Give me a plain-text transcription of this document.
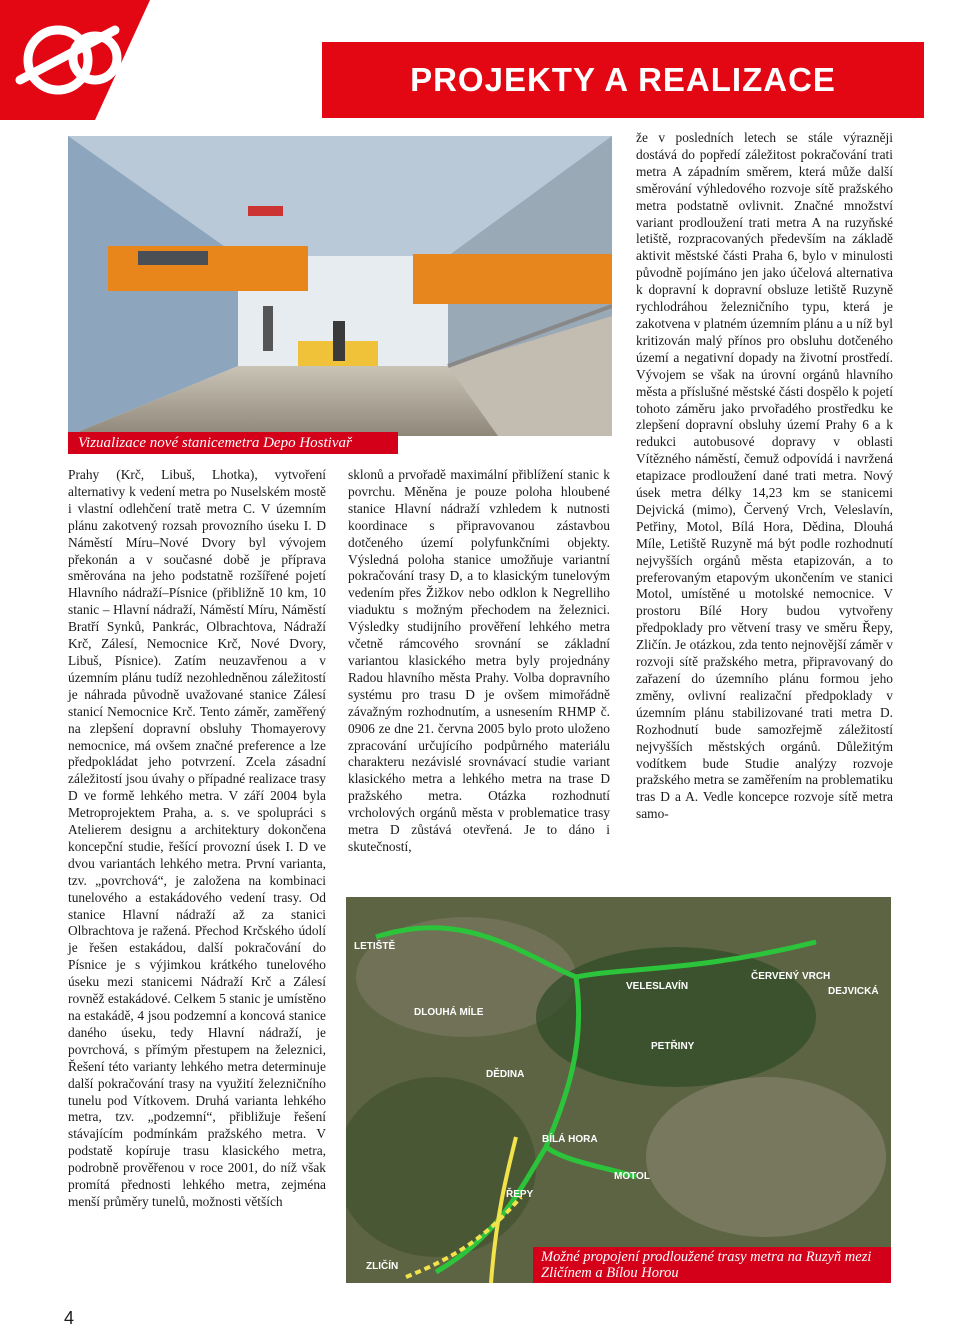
PROJEKTY A REALIZACE
Vizualizace nové stanicemetra Depo Hostivař

Prahy (Krč, Libuš, Lhotka), vytvoření alternativy k vedení metra po Nuselském mostě i vlastní odlehčení tratě metra C. V územním plánu zakotvený rozsah provozního úseku I. D Náměstí Míru–Nové Dvory byl vývojem překonán a v současné době je příprava směrována na jeho podstatně rozšířené pojetí Hlavního nádraží–Písnice (přibližně 10 km, 10 stanic – Hlavní nádraží, Náměstí Míru, Náměstí Bratří Synků, Pankrác, Olbrachtova, Nádraží Krč, Zálesí, Nemocnice Krč, Nové Dvory, Libuš, Písnice). Zatím neuzavřenou a v územním plánu tudíž nezohledněnou záležitostí je náhrada původně uvažované stanice Zálesí stanicí Nemocnice Krč. Tento záměr, zaměřený na zlepšení dopravní obsluhy Thomayerovy nemocnice, má ovšem značné preference a lze předpokládat jeho potvrzení. Zcela zásadní záležitostí jsou úvahy o případné realizace trasy D ve formě lehkého metra. V září 2004 byla Metroprojektem Praha, a. s. ve spolupráci s Atelierem designu a architektury dokončena koncepční studie, řešící provozní úsek I. D ve dvou variantách lehkého metra. První varianta, tzv. „povrchová“, je založena na kombinaci tunelového a estakádového vedení trasy. Od stanice Hlavní nádraží až za stanici Olbrachtova je ražená. Přechod Krčského údolí je řešen estakádou, další pokračování do Písnice je s výjimkou krátkého tunelového úseku mezi stanicemi Nádraží Krč a Zálesí rovněž estakádové. Celkem 5 stanic je umístěno na estakádě, 4 jsou podzemní a koncová stanice daného úseku, tedy Hlavní nádraží, je povrchová, s přímým přestupem na železnici, Řešení této varianty lehkého metra determinuje další pokračování trasy na využití železničního tunelu pod Vítkovem. Druhá varianta lehkého metra, tzv. „podzemní“, přibližuje řešení stávajícím podmínkám pražského metra. V podstatě kopíruje trasu klasického metra, podrobně prověřenou v roce 2001, do níž však promítá přednosti lehkého metra, zejména menší průměry tunelů, možnosti větších

sklonů a prvořadě maximální přiblížení stanic k povrchu. Měněna je pouze poloha hloubené stanice Hlavní nádraží vzhledem k nutnosti koordinace s připravovanou zástavbou dotčeného území polyfunkčními objekty. Výsledná poloha stanice umožňuje variantní pokračování trasy D, a to klasickým tunelovým vedením přes Žižkov nebo odklon k Negrelliho viaduktu s možným přechodem na železnici. Výsledky studijního prověření lehkého metra včetně rámcového srovnání se základní variantou klasického metra byly projednány Radou hlavního města Prahy. Volba dopravního systému pro trasu D je ovšem mimořádně závažným rozhodnutím, a usnesením RHMP č. 0906 ze dne 21. června 2005 bylo proto uloženo zpracování určujícího podpůrného materiálu charakteru nezávislé srovnávací studie variant klasického metra a lehkého metra na trase D pražského metra. Otázka rozhodnutí vrcholových orgánů města v problematice trasy metra D zůstává otevřená. Je to dáno i skutečností,

že v posledních letech se stále výrazněji dostává do popředí záležitost pokračování trati metra A západním směrem, která může další směrování výhledového rozvoje sítě pražského metra podstatně ovlivnit. Značné množství variant prodloužení trati metra A na ruzyňské letiště, rozpracovaných především na základě aktivit městské části Praha 6, bylo v minulosti původně pojímáno jen jako účelová alternativa k dopravní k dopravní obsluze letiště Ruzyně rychlodráhou železničního typu, která je zakotvena v platném územním plánu a u níž byl kritizován malý přínos pro obsluhu dotčeného území a negativní dopady na životní prostředí. Vývojem se však na úrovní orgánů hlavního města a příslušné městské části dospělo k pojetí tohoto záměru jako prvořadého prostředku ke zlepšení dopravní obsluhy území Prahy 6 a k redukci autobusové dopravy v oblasti Vítězného náměstí, čemuž odpovídá i navržená etapizace prodloužení dané trati metra. Nový úsek metra délky 14,23 km se stanicemi Dejvická (mimo), Červený Vrch, Veleslavín, Petřiny, Motol, Bílá Hora, Dědina, Dlouhá Míle, Letiště Ruzyně má být podle rozhodnutí nejvyšších orgánů města etapizován, a to preferovaným etapovým ukončením ve stanici Motol, umístěné u motolské nemocnice. V prostoru Bílé Hory budou vytvořeny předpoklady pro větvení trasy ve směru Řepy, Zličín. Je otázkou, zda tento nejnovější záměr v rozvoji sítě pražského metra, připravovaný do zařazení do územního plánu formou jeho změny, ovlivní realizační předpoklady v územním plánu stabilizované trati metra D. Rozhodnutí bude samozřejmě záležitostí nejvyšších městských orgánů. Důležitým vodítkem bude Studie analýzy rozvoje pražského metra se zaměřením na problematiku tras D a A. Vedle koncepce rozvoje sítě metra samo-

LETIŠTĚ
DLOUHÁ MÍLE
VELESLAVÍN
ČERVENÝ VRCH
DEJVICKÁ
DĚDINA
PETŘINY
BÍLÁ HORA
MOTOL
ŘEPY
ZLIČÍN
Možné propojení prodloužené trasy metra na Ruzyň mezi Zličínem a Bílou Horou
4
